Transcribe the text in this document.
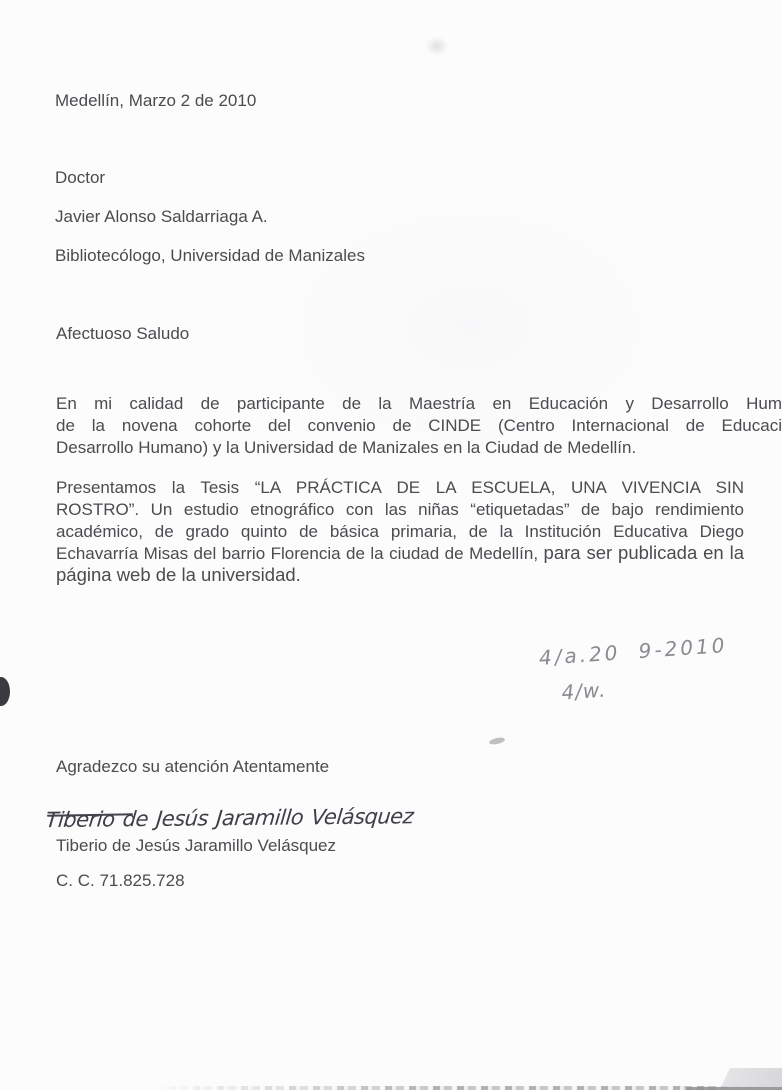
Medellín, Marzo 2 de 2010
Doctor
Javier Alonso Saldarriaga A.
Bibliotecólogo, Universidad de Manizales
Afectuoso Saludo
En mi calidad de participante de la Maestría en Educación y Desarrollo Hum
de la novena cohorte del convenio de CINDE (Centro Internacional de Educaci
Desarrollo Humano) y la Universidad de Manizales en la Ciudad de Medellín.
Presentamos la Tesis “LA PRÁCTICA DE LA ESCUELA, UNA VIVENCIA SIN
ROSTRO”. Un estudio etnográfico con las niñas “etiquetadas” de bajo rendimiento
académico, de grado quinto de básica primaria, de la Institución Educativa Diego
Echavarría Misas del barrio Florencia de la ciudad de Medellín, para ser publicada en la
página web de la universidad.
4/a.20 9-2010
4/w.
Agradezco su atención Atentamente
Tiberio de Jesús Jaramillo Velásquez
Tiberio de Jesús Jaramillo Velásquez
C. C. 71.825.728
